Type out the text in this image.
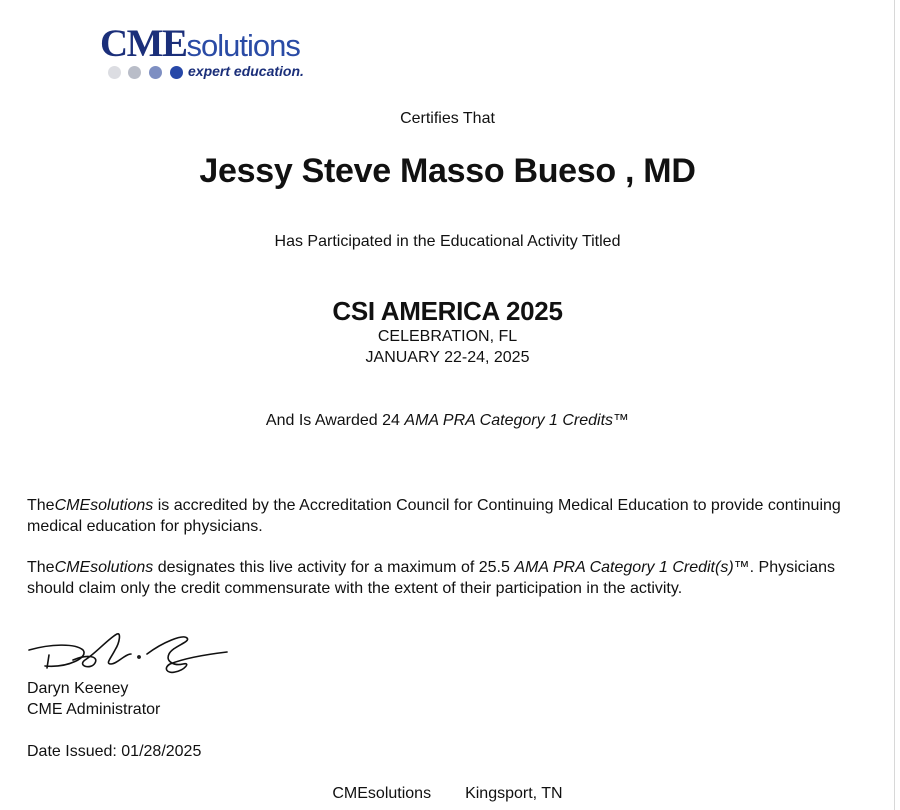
CMEsolutions
expert education.

Certifies That

Jessy Steve Masso Bueso , MD

Has Participated in the Educational Activity Titled

CSI AMERICA 2025

CELEBRATION, FL

JANUARY 22-24, 2025

And Is Awarded 24 AMA PRA Category 1 Credits™

TheCMEsolutions is accredited by the Accreditation Council for Continuing Medical Education to provide continuing medical education for physicians.

TheCMEsolutions designates this live activity for a maximum of 25.5 AMA PRA Category 1 Credit(s)™. Physicians should claim only the credit commensurate with the extent of their participation in the activity.

Daryn Keeney

CME Administrator

Date Issued: 01/28/2025
CMEsolutions Kingsport, TN
